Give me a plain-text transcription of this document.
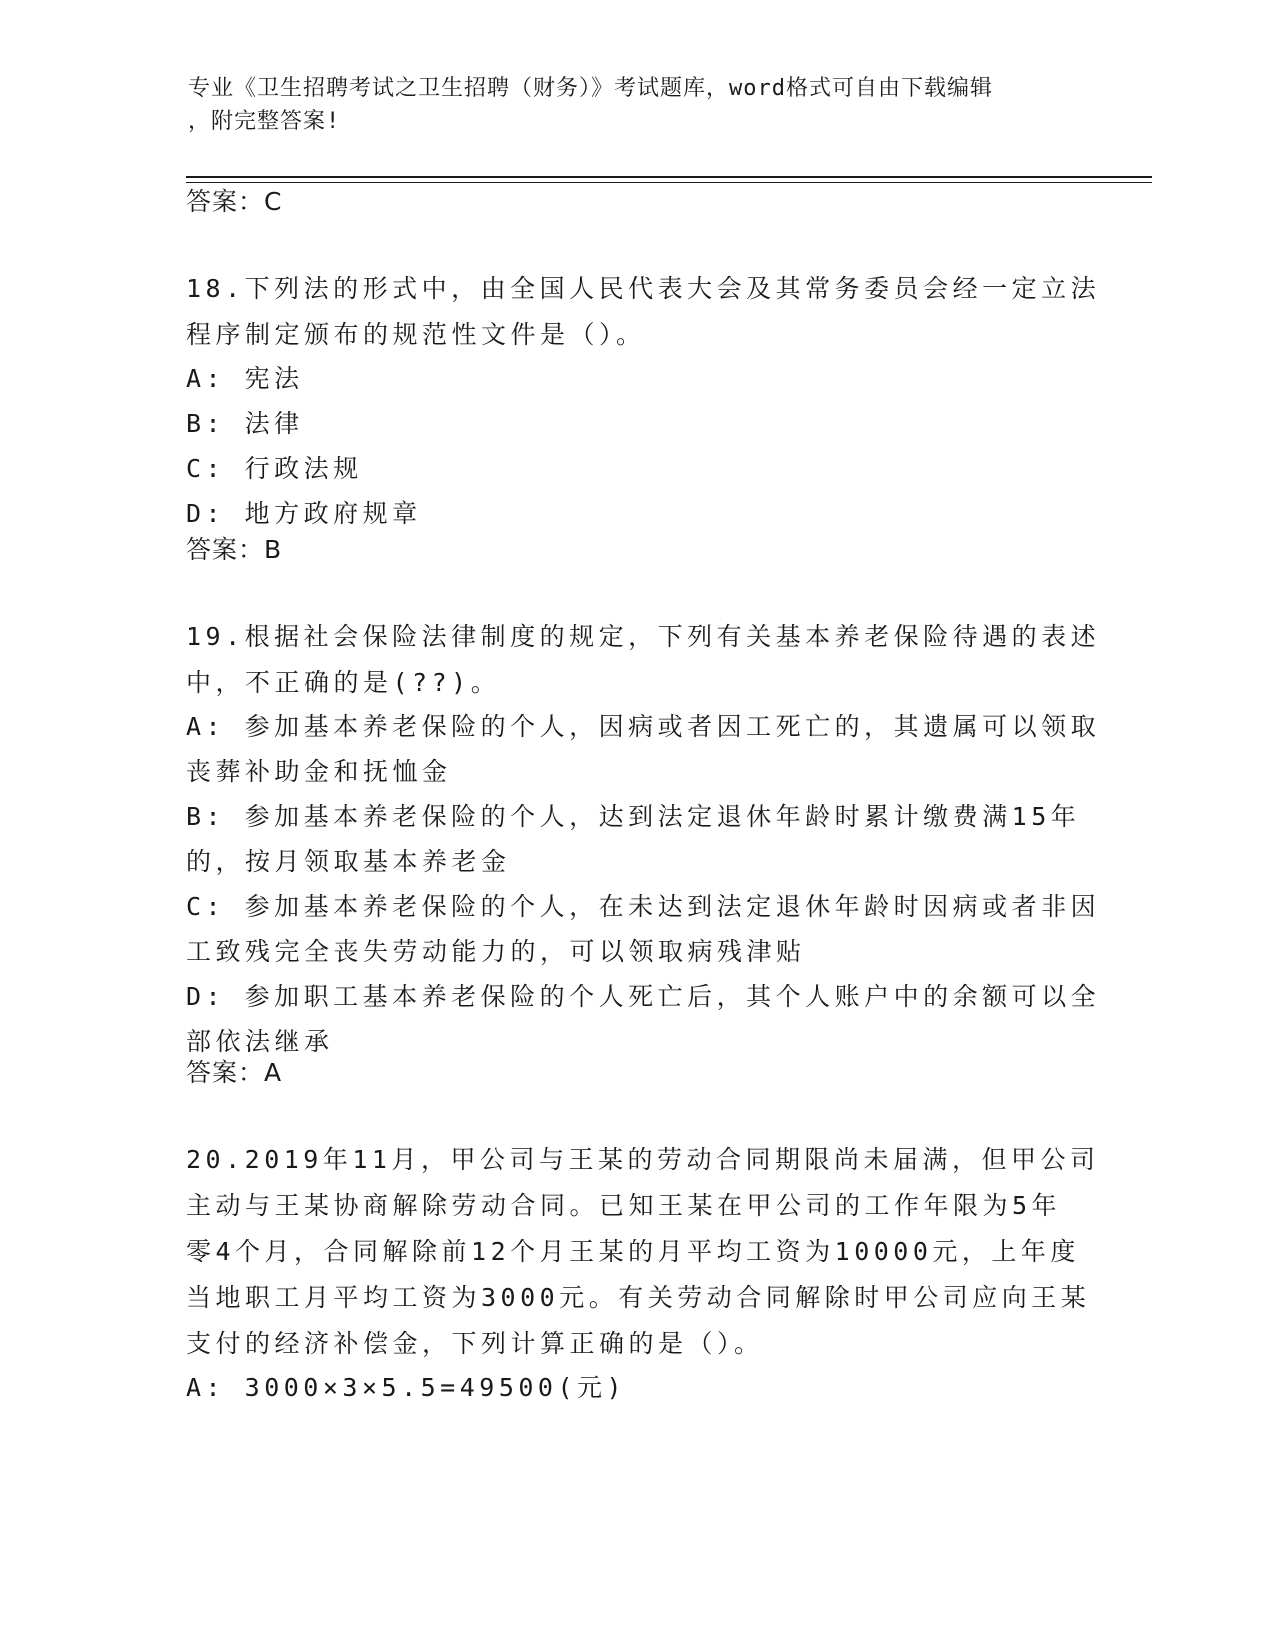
专业《卫生招聘考试之卫生招聘（财务）》考试题库，word格式可自由下载编辑
，附完整答案!
答案：C
18.下列法的形式中，由全国人民代表大会及其常务委员会经一定立法
程序制定颁布的规范性文件是（）。
A: 宪法
B: 法律
C: 行政法规
D: 地方政府规章
答案：B
19.根据社会保险法律制度的规定，下列有关基本养老保险待遇的表述
中，不正确的是(??)。
A: 参加基本养老保险的个人，因病或者因工死亡的，其遗属可以领取
丧葬补助金和抚恤金
B: 参加基本养老保险的个人，达到法定退休年龄时累计缴费满15年
的，按月领取基本养老金
C: 参加基本养老保险的个人，在未达到法定退休年龄时因病或者非因
工致残完全丧失劳动能力的，可以领取病残津贴
D: 参加职工基本养老保险的个人死亡后，其个人账户中的余额可以全
部依法继承
答案：A
20.2019年11月，甲公司与王某的劳动合同期限尚未届满，但甲公司
主动与王某协商解除劳动合同。已知王某在甲公司的工作年限为5年
零4个月，合同解除前12个月王某的月平均工资为10000元，上年度
当地职工月平均工资为3000元。有关劳动合同解除时甲公司应向王某
支付的经济补偿金，下列计算正确的是（）。
A: 3000×3×5.5=49500(元)
